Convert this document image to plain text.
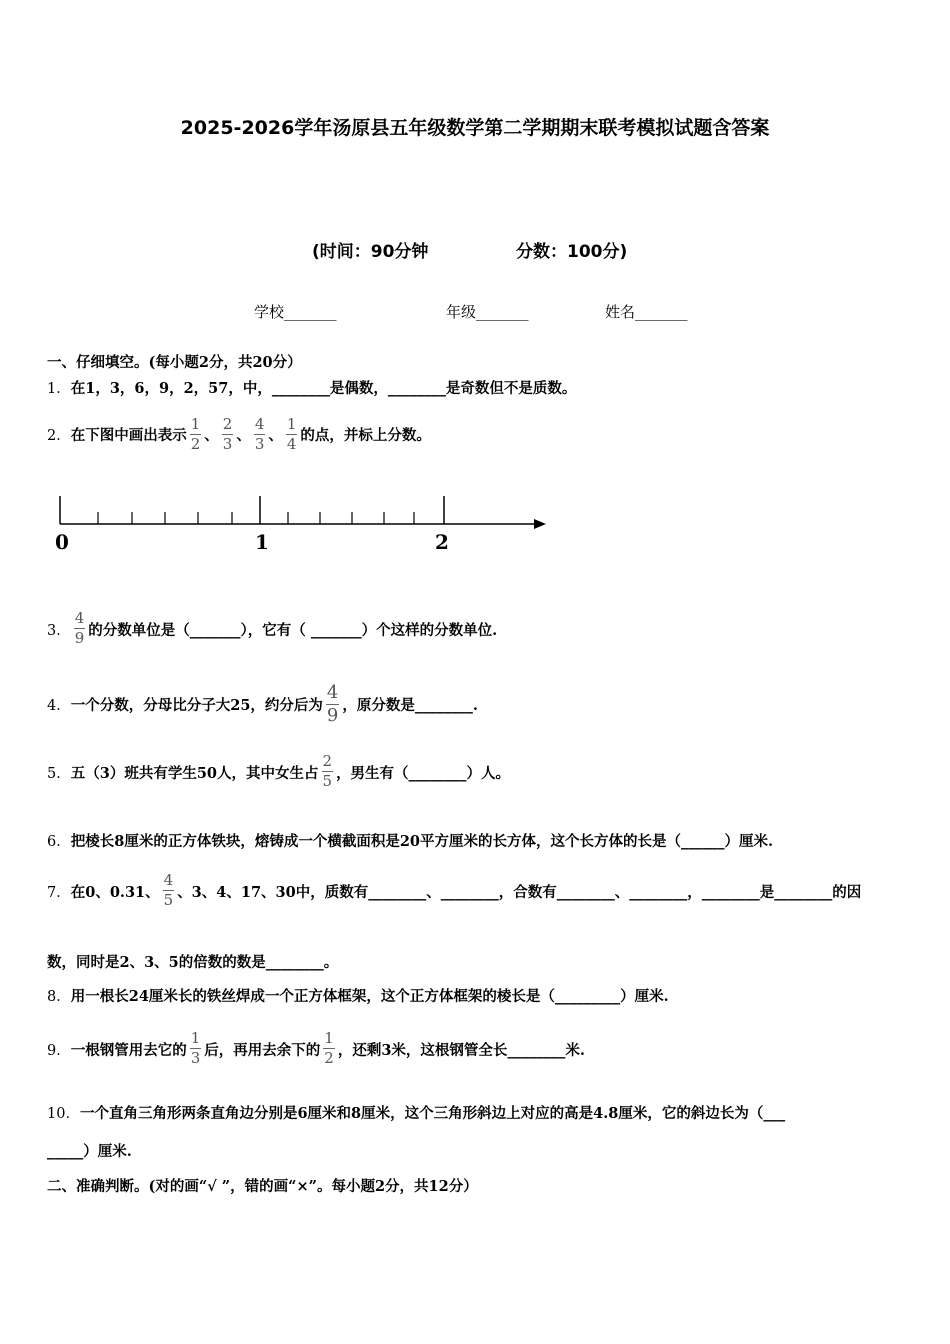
2025-2026学年汤原县五年级数学第二学期期末联考模拟试题含答案
(时间：90分钟	分数：100分)
学校_______	年级_______	姓名_______
一、仔细填空。(每小题2分，共20分）
1．在1，3，6，9，2，57，中，________是偶数，________是奇数但不是质数。
2． 在下图中画出表示 $\frac{1}{2}$ 、 $\frac{2}{3}$ 、 $\frac{4}{3}$ 、 $\frac{1}{4}$ 的点，并标上分数。
0	1	2
3． $\frac{4}{9}$ 的分数单位是（_______），它有（ _______）个这样的分数单位.
4． 一个分数，分母比分子大25，约分后为 $\frac{4}{9}$ ，原分数是________.
5． 五（3）班共有学生50人，其中女生占 $\frac{2}{5}$ ，男生有（________）人。
6．把棱长8厘米的正方体铁块，熔铸成一个横截面积是20平方厘米的长方体，这个长方体的长是（______）厘米.
7． 在0、0.31、 $\frac{4}{5}$ 、3、4、17、30中，质数有________、________，合数有________、________，________是________的因
数，同时是2、3、5的倍数的数是________。
8．用一根长24厘米长的铁丝焊成一个正方体框架，这个正方体框架的棱长是（_________）厘米.
9． 一根钢管用去它的 $\frac{1}{3}$ 后，再用去余下的 $\frac{1}{2}$ ，还剩3米，这根钢管全长________米.
10．一个直角三角形两条直角边分别是6厘米和8厘米，这个三角形斜边上对应的高是4.8厘米，它的斜边长为（___
_____）厘米.
二、准确判断。(对的画“√ ”，错的画“×”。每小题2分，共12分）
